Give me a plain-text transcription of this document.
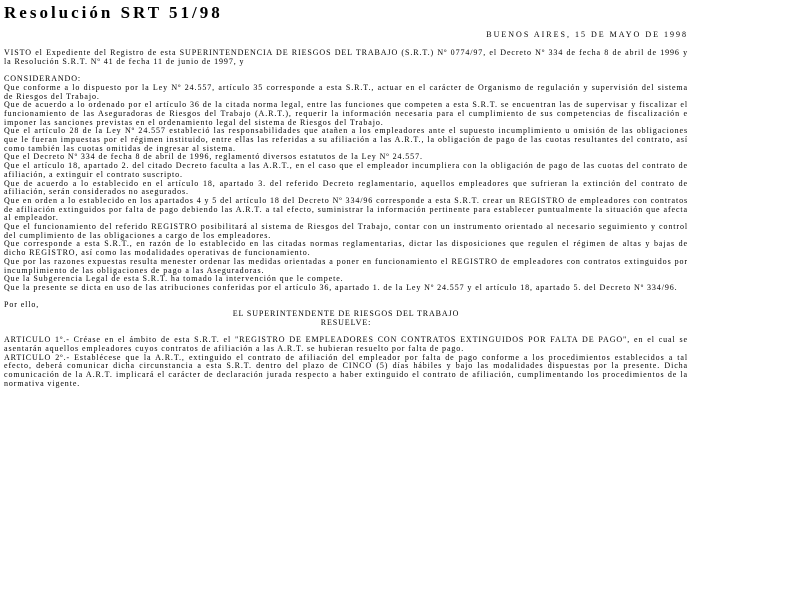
Resolución SRT 51/98
BUENOS AIRES, 15 DE MAYO DE 1998

VISTO el Expediente del Registro de esta SUPERINTENDENCIA DE RIESGOS DEL TRABAJO (S.R.T.) Nº 0774/97, el Decreto Nº 334 de fecha 8 de abril de 1996 y la Resolución S.R.T. Nº 41 de fecha 11 de junio de 1997, y

CONSIDERANDO:

Que conforme a lo dispuesto por la Ley Nº 24.557, artículo 35 corresponde a esta S.R.T., actuar en el carácter de Organismo de regulación y supervisión del sistema de Riesgos del Trabajo.

Que de acuerdo a lo ordenado por el artículo 36 de la citada norma legal, entre las funciones que competen a esta S.R.T. se encuentran las de supervisar y fiscalizar el funcionamiento de las Aseguradoras de Riesgos del Trabajo (A.R.T.), requerir la información necesaria para el cumplimiento de sus competencias de fiscalización e imponer las sanciones previstas en el ordenamiento legal del sistema de Riesgos del Trabajo.

Que el artículo 28 de la Ley Nº 24.557 estableció las responsabilidades que atañen a los empleadores ante el supuesto incumplimiento u omisión de las obligaciones que le fueran impuestas por el régimen instituido, entre ellas las referidas a su afiliación a las A.R.T., la obligación de pago de las cuotas resultantes del contrato, así como también las cuotas omitidas de ingresar al sistema.

Que el Decreto Nº 334 de fecha 8 de abril de 1996, reglamentó diversos estatutos de la Ley Nº 24.557.

Que el artículo 18, apartado 2. del citado Decreto faculta a las A.R.T., en el caso que el empleador incumpliera con la obligación de pago de las cuotas del contrato de afiliación, a extinguir el contrato suscripto.

Que de acuerdo a lo establecido en el artículo 18, apartado 3. del referido Decreto reglamentario, aquellos empleadores que sufrieran la extinción del contrato de afiliación, serán considerados no asegurados.

Que en orden a lo establecido en los apartados 4 y 5 del artículo 18 del Decreto Nº 334/96 corresponde a esta S.R.T. crear un REGISTRO de empleadores con contratos de afiliación extinguidos por falta de pago debiendo las A.R.T. a tal efecto, suministrar la información pertinente para establecer puntualmente la situación que afecta al empleador.

Que el funcionamiento del referido REGISTRO posibilitará al sistema de Riesgos del Trabajo, contar con un instrumento orientado al necesario seguimiento y control del cumplimiento de las obligaciones a cargo de los empleadores.

Que corresponde a esta S.R.T., en razón de lo establecido en las citadas normas reglamentarias, dictar las disposiciones que regulen el régimen de altas y bajas de dicho REGISTRO, así como las modalidades operativas de funcionamiento.

Que por las razones expuestas resulta menester ordenar las medidas orientadas a poner en funcionamiento el REGISTRO de empleadores con contratos extinguidos por incumplimiento de las obligaciones de pago a las Aseguradoras.

Que la Subgerencia Legal de esta S.R.T. ha tomado la intervención que le compete.

Que la presente se dicta en uso de las atribuciones conferidas por el artículo 36, apartado 1. de la Ley Nº 24.557 y el artículo 18, apartado 5. del Decreto Nº 334/96.

Por ello,

EL SUPERINTENDENTE DE RIESGOS DEL TRABAJO

RESUELVE:

ARTICULO 1º.- Créase en el ámbito de esta S.R.T. el "REGISTRO DE EMPLEADORES CON CONTRATOS EXTINGUIDOS POR FALTA DE PAGO", en el cual se asentarán aquellos empleadores cuyos contratos de afiliación a las A.R.T. se hubieran resuelto por falta de pago.

ARTICULO 2º.- Establécese que la A.R.T., extinguido el contrato de afiliación del empleador por falta de pago conforme a los procedimientos establecidos a tal efecto, deberá comunicar dicha circunstancia a esta S.R.T. dentro del plazo de CINCO (5) días hábiles y bajo las modalidades dispuestas por la presente. Dicha comunicación de la A.R.T. implicará el carácter de declaración jurada respecto a haber extinguido el contrato de afiliación, cumplimentando los procedimientos de la normativa vigente.
